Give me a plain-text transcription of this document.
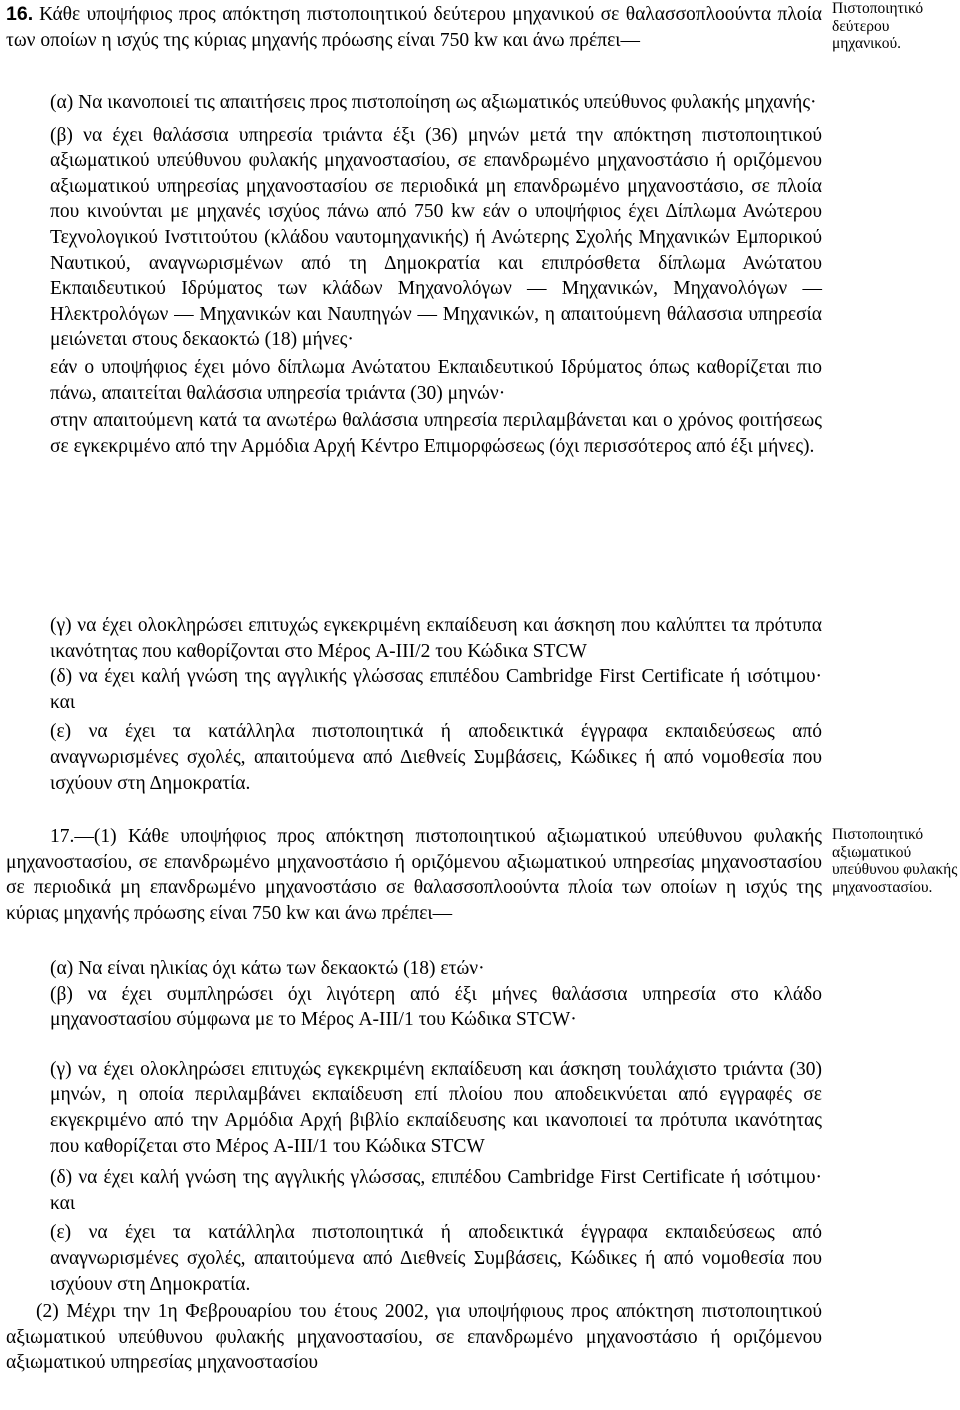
16. Κάθε υποψήφιος προς απόκτηση πιστοποιητικού δεύτερου μηχανικού σε θαλασσοπλοούντα πλοία των οποίων η ισχύς της κύριας μηχανής πρόωσης είναι 750 kw και άνω πρέπει—

Πιστοποιητικό δεύτερου μηχανικού.

(α) Να ικανοποιεί τις απαιτήσεις προς πιστοποίηση ως αξιωματικός υπεύθυνος φυλακής μηχανής·

(β) να έχει θαλάσσια υπηρεσία τριάντα έξι (36) μηνών μετά την απόκτηση πιστοποιητικού αξιωματικού υπεύθυνου φυλακής μηχανοστασίου, σε επανδρωμένο μηχανοστάσιο ή οριζόμενου αξιωματικού υπηρεσίας μηχανοστασίου σε περιοδικά μη επανδρωμένο μηχανοστάσιο, σε πλοία που κινούνται με μηχανές ισχύος πάνω από 750 kw εάν ο υποψήφιος έχει Δίπλωμα Ανώτερου Τεχνολογικού Ινστιτούτου (κλάδου ναυτομηχανικής) ή Ανώτερης Σχολής Μηχανικών Εμπορικού Ναυτικού, αναγνωρισμένων από τη Δημοκρατία και επιπρόσθετα δίπλωμα Ανώτατου Εκπαιδευτικού Ιδρύματος των κλάδων Μηχανολόγων — Μηχανικών, Μηχανολόγων — Ηλεκτρολόγων — Μηχανικών και Ναυπηγών — Μηχανικών, η απαιτούμενη θάλασσια υπηρεσία μειώνεται στους δεκαοκτώ (18) μήνες·

εάν ο υποψήφιος έχει μόνο δίπλωμα Ανώτατου Εκπαιδευτικού Ιδρύματος όπως καθορίζεται πιο πάνω, απαιτείται θαλάσσια υπηρεσία τριάντα (30) μηνών·

στην απαιτούμενη κατά τα ανωτέρω θαλάσσια υπηρεσία περιλαμβάνεται και ο χρόνος φοιτήσεως σε εγκεκριμένο από την Αρμόδια Αρχή Κέντρο Επιμορφώσεως (όχι περισσότερος από έξι μήνες).

(γ) να έχει ολοκληρώσει επιτυχώς εγκεκριμένη εκπαίδευση και άσκηση που καλύπτει τα πρότυπα ικανότητας που καθορίζονται στο Μέρος A-III/2 του Κώδικα STCW

(δ) να έχει καλή γνώση της αγγλικής γλώσσας επιπέδου Cambridge First Certificate ή ισότιμου· και

(ε) να έχει τα κατάλληλα πιστοποιητικά ή αποδεικτικά έγγραφα εκπαιδεύσεως από αναγνωρισμένες σχολές, απαιτούμενα από Διεθνείς Συμβάσεις, Κώδικες ή από νομοθεσία που ισχύουν στη Δημοκρατία.

17.—(1) Κάθε υποψήφιος προς απόκτηση πιστοποιητικού αξιωματικού υπεύθυνου φυλακής μηχανοστασίου, σε επανδρωμένο μηχανοστάσιο ή οριζόμενου αξιωματικού υπηρεσίας μηχανοστασίου σε περιοδικά μη επανδρωμένο μηχανοστάσιο σε θαλασσοπλοούντα πλοία των οποίων η ισχύς της κύριας μηχανής πρόωσης είναι 750 kw και άνω πρέπει—

Πιστοποιητικό αξιωματικού υπεύθυνου φυλακής μηχανοστασίου.

(α) Να είναι ηλικίας όχι κάτω των δεκαοκτώ (18) ετών·

(β) να έχει συμπληρώσει όχι λιγότερη από έξι μήνες θαλάσσια υπηρεσία στο κλάδο μηχανοστασίου σύμφωνα με το Μέρος A-III/1 του Κώδικα STCW·

(γ) να έχει ολοκληρώσει επιτυχώς εγκεκριμένη εκπαίδευση και άσκηση τουλάχιστο τριάντα (30) μηνών, η οποία περιλαμβάνει εκπαίδευση επί πλοίου που αποδεικνύεται από εγγραφές σε εκγεκριμένο από την Αρμόδια Αρχή βιβλίο εκπαίδευσης και ικανοποιεί τα πρότυπα ικανότητας που καθορίζεται στο Μέρος A-III/1 του Κώδικα STCW

(δ) να έχει καλή γνώση της αγγλικής γλώσσας, επιπέδου Cambridge First Certificate ή ισότιμου· και

(ε) να έχει τα κατάλληλα πιστοποιητικά ή αποδεικτικά έγγραφα εκπαιδεύσεως από αναγνωρισμένες σχολές, απαιτούμενα από Διεθνείς Συμβάσεις, Κώδικες ή από νομοθεσία που ισχύουν στη Δημοκρατία.

(2) Μέχρι την 1η Φεβρουαρίου του έτους 2002, για υποψήφιους προς απόκτηση πιστοποιητικού αξιωματικού υπεύθυνου φυλακής μηχανοστασίου, σε επανδρωμένο μηχανοστάσιο ή οριζόμενου αξιωματικού υπηρεσίας μηχανοστασίου
